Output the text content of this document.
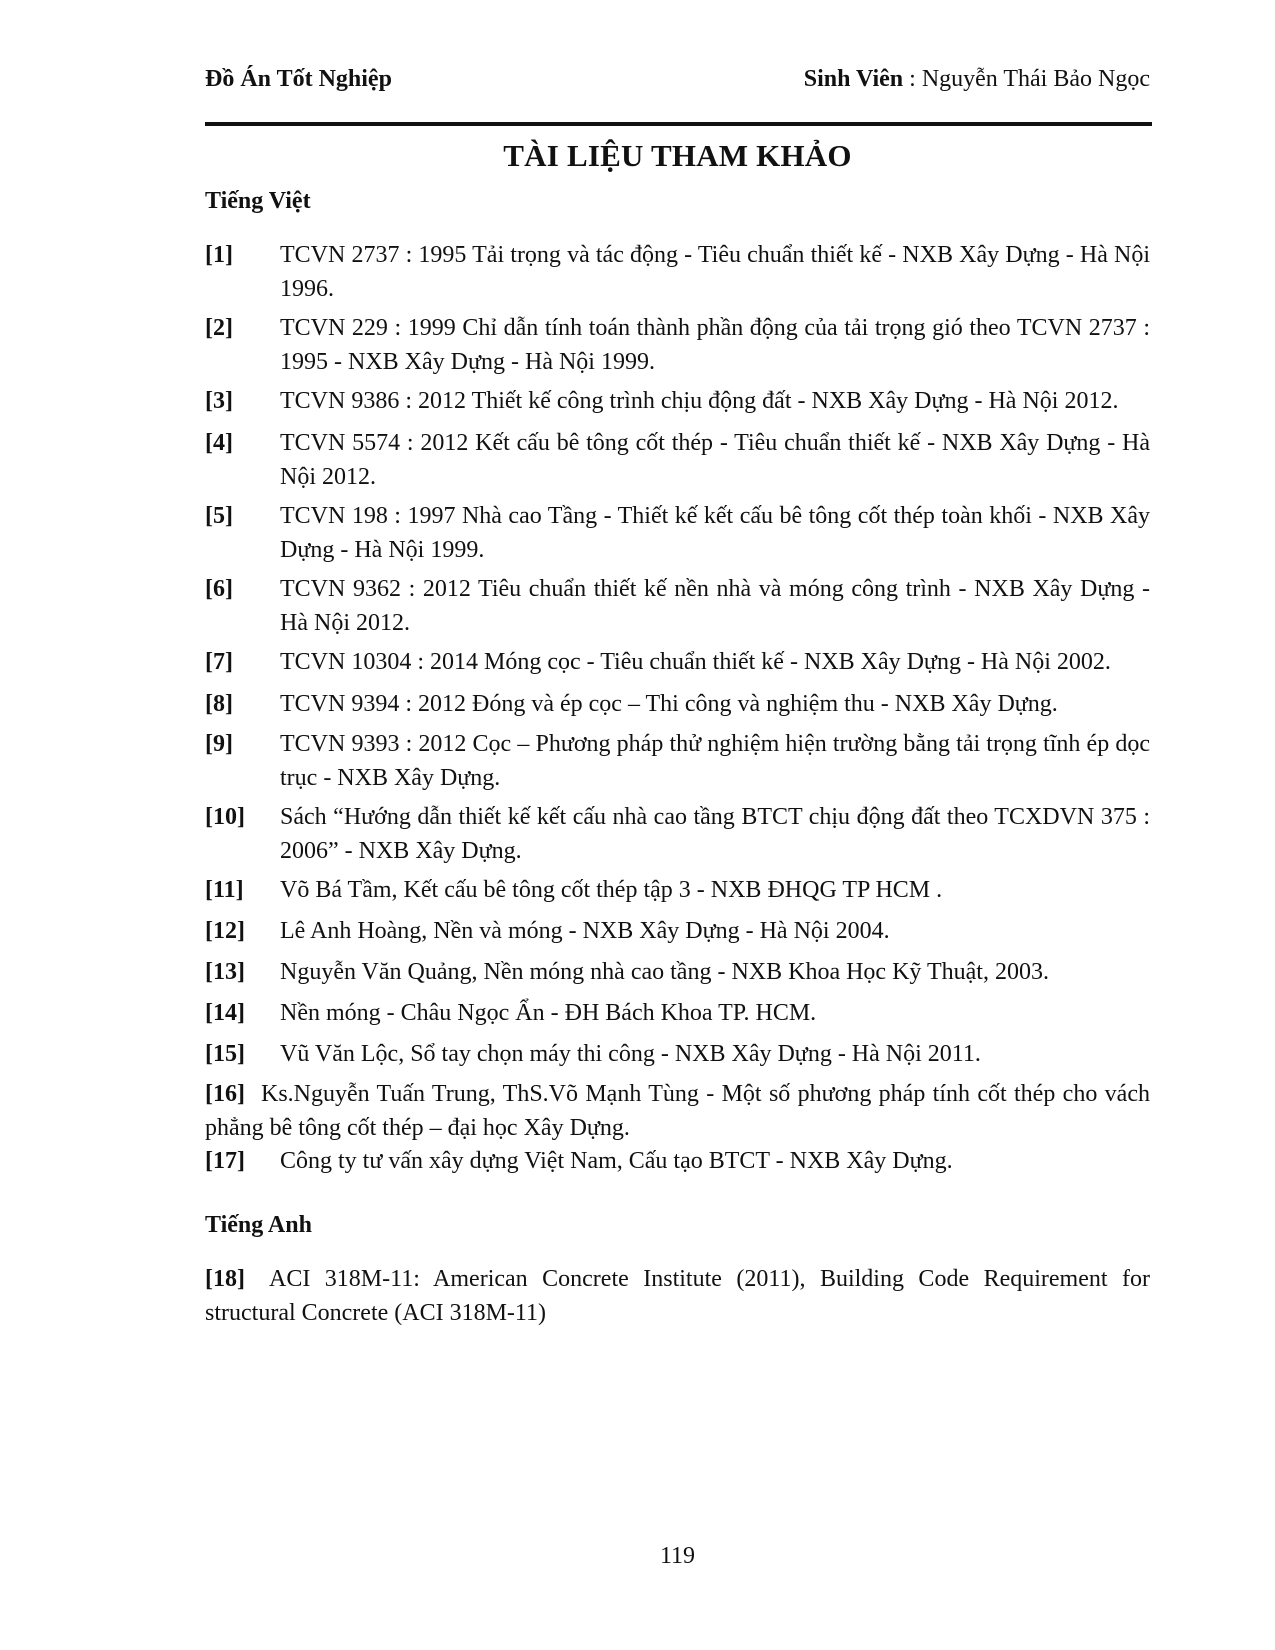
Đồ Án Tốt Nghiệp	Sinh Viên : Nguyễn Thái Bảo Ngọc
TÀI LIỆU THAM KHẢO
Tiếng Việt
[1]	TCVN 2737 : 1995 Tải trọng và tác động - Tiêu chuẩn thiết kế - NXB Xây Dựng - Hà Nội 1996.
[2]	TCVN 229 : 1999 Chỉ dẫn tính toán thành phần động của tải trọng gió theo TCVN 2737 : 1995 - NXB Xây Dựng - Hà Nội 1999.
[3]	TCVN 9386 : 2012 Thiết kế công trình chịu động đất - NXB Xây Dựng - Hà Nội 2012.
[4]	TCVN 5574 : 2012 Kết cấu bê tông cốt thép - Tiêu chuẩn thiết kế - NXB Xây Dựng - Hà Nội 2012.
[5]	TCVN 198 : 1997 Nhà cao Tầng - Thiết kế kết cấu bê tông cốt thép toàn khối - NXB Xây Dựng - Hà Nội 1999.
[6]	TCVN 9362 : 2012 Tiêu chuẩn thiết kế nền nhà và móng công trình - NXB Xây Dựng - Hà Nội 2012.
[7]	TCVN 10304 : 2014 Móng cọc - Tiêu chuẩn thiết kế - NXB Xây Dựng - Hà Nội 2002.
[8]	TCVN 9394 : 2012 Đóng và ép cọc – Thi công và nghiệm thu - NXB Xây Dựng.
[9]	TCVN 9393 : 2012 Cọc – Phương pháp thử nghiệm hiện trường bằng tải trọng tĩnh ép dọc trục - NXB Xây Dựng.
[10]	Sách “Hướng dẫn thiết kế kết cấu nhà cao tầng BTCT chịu động đất theo TCXDVN 375 : 2006” - NXB Xây Dựng.
[11]	Võ Bá Tầm, Kết cấu bê tông cốt thép tập 3 - NXB ĐHQG TP HCM .
[12]	Lê Anh Hoàng, Nền và móng - NXB Xây Dựng - Hà Nội 2004.
[13]	Nguyễn Văn Quảng, Nền móng nhà cao tầng - NXB Khoa Học Kỹ Thuật, 2003.
[14]	Nền móng - Châu Ngọc Ẩn - ĐH Bách Khoa TP. HCM.
[15]	Vũ Văn Lộc, Sổ tay chọn máy thi công - NXB Xây Dựng - Hà Nội 2011.
[16] Ks.Nguyễn Tuấn Trung, ThS.Võ Mạnh Tùng - Một số phương pháp tính cốt thép cho vách phẳng bê tông cốt thép – đại học Xây Dựng.
[17]	Công ty tư vấn xây dựng Việt Nam, Cấu tạo BTCT - NXB Xây Dựng.
Tiếng Anh
[18] ACI 318M-11: American Concrete Institute (2011), Building Code Requirement for structural Concrete (ACI 318M-11)
119
